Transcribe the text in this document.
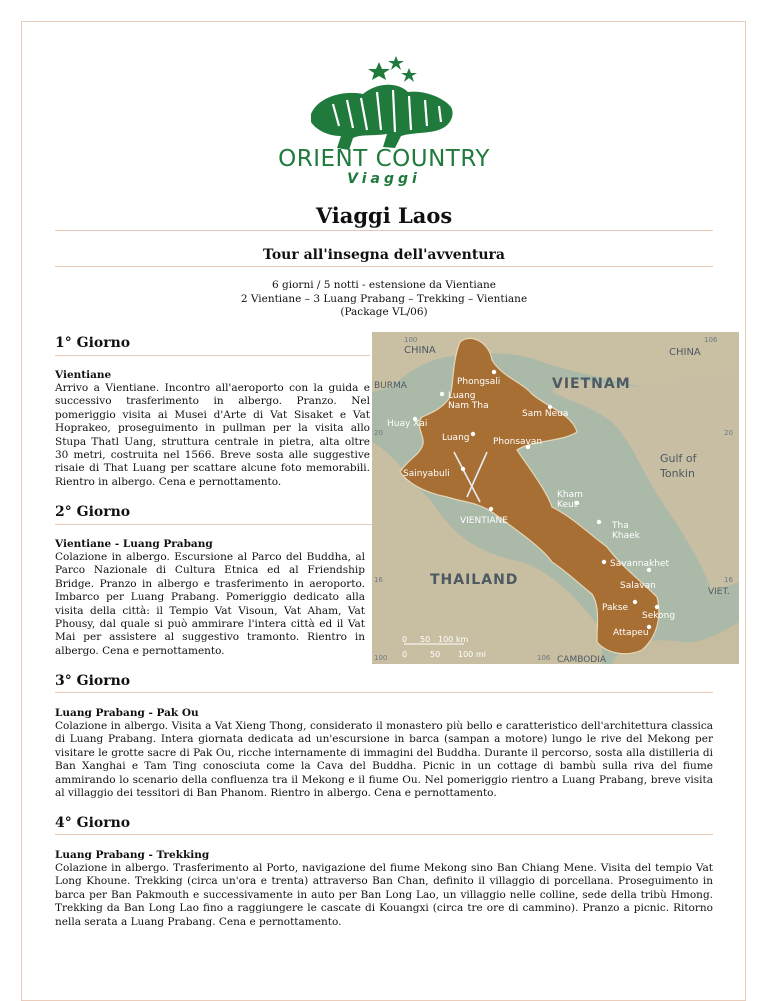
ORIENT COUNTRY
Viaggi
Viaggi Laos
Tour all'insegna dell'avventura
6 giorni / 5 notti - estensione da Vientiane
2 Vientiane – 3 Luang Prabang – Trekking – Vientiane
(Package VL/06)
1° Giorno
Vientiane
Arrivo a Vientiane. Incontro all'aeroporto con la guida e successivo trasferimento in albergo. Pranzo. Nel pomeriggio visita ai Musei d'Arte di Vat Sisaket e Vat Hoprakeo, proseguimento in pullman per la visita allo Stupa Thatl Uang, struttura centrale in pietra, alta oltre 30 metri, costruita nel 1566. Breve sosta alle suggestive risaie di That Luang per scattare alcune foto memorabili. Rientro in albergo. Cena e pernottamento.
2° Giorno
Vientiane - Luang Prabang
Colazione in albergo. Escursione al Parco del Buddha, al Parco Nazionale di Cultura Etnica ed al Friendship Bridge. Pranzo in albergo e trasferimento in aeroporto. Imbarco per Luang Prabang. Pomeriggio dedicato alla visita della città: il Tempio Vat Visoun, Vat Aham, Vat Phousy, dal quale si può ammirare l'intera città ed il Vat Mai per assistere al suggestivo tramonto. Rientro in albergo. Cena e pernottamento.
Phongsali
Luang
Nam Tha
Sam Neua
Huay Xai
Luang	Phonsavan
Sainyabuli
Kham
Keut
VIENTIANE	Tha
Khaek
Savannakhet
Salavan
Pakse
Sekong
Attapeu
CHINA	CHINA
VIETNAM
BURMA
THAILAND
CAMBODIA
VIET.
Gulf of
Tonkin
0 50 100 km
0	50 100 mi
100	106
20	20
16	16
100	106
3° Giorno
Luang Prabang - Pak Ou
Colazione in albergo. Visita a Vat Xieng Thong, considerato il monastero più bello e caratteristico dell'architettura classica di Luang Prabang. Intera giornata dedicata ad un'escursione in barca (sampan a motore) lungo le rive del Mekong per visitare le grotte sacre di Pak Ou, ricche internamente di immagini del Buddha. Durante il percorso, sosta alla distilleria di Ban Xanghai e Tam Ting conosciuta come la Cava del Buddha. Picnic in un cottage di bambù sulla riva del fiume ammirando lo scenario della confluenza tra il Mekong e il fiume Ou. Nel pomeriggio rientro a Luang Prabang, breve visita al villaggio dei tessitori di Ban Phanom. Rientro in albergo. Cena e pernottamento.
4° Giorno
Luang Prabang - Trekking
Colazione in albergo. Trasferimento al Porto, navigazione del fiume Mekong sino Ban Chiang Mene. Visita del tempio Vat Long Khoune. Trekking (circa un'ora e trenta) attraverso Ban Chan, definito il villaggio di porcellana. Proseguimento in barca per Ban Pakmouth e successivamente in auto per Ban Long Lao, un villaggio nelle colline, sede della tribù Hmong. Trekking da Ban Long Lao fino a raggiungere le cascate di Kouangxi (circa tre ore di cammino). Pranzo a picnic. Ritorno nella serata a Luang Prabang. Cena e pernottamento.
